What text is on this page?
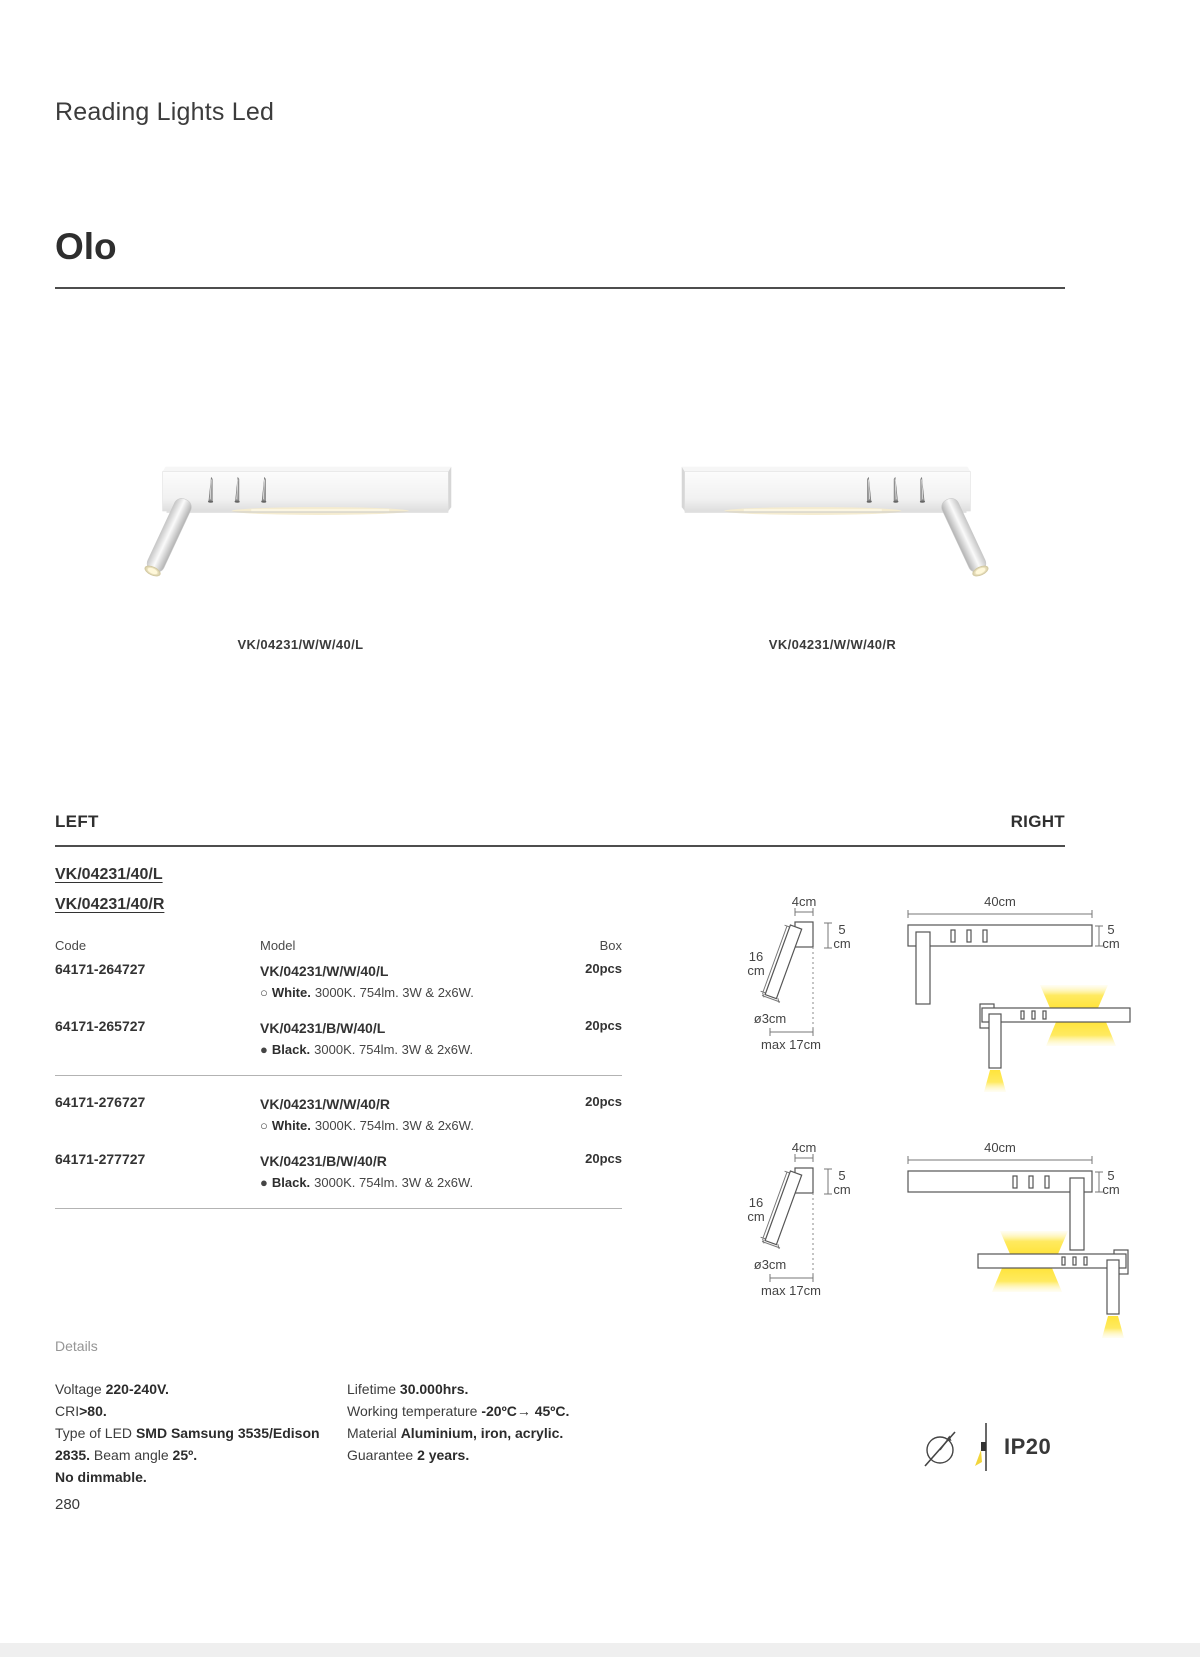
Reading Lights Led
Olo
VK/04231/W/W/40/L	VK/04231/W/W/40/R
LEFT	RIGHT
VK/04231/40/L
VK/04231/40/R
Code	Model	Box
64171-264727	VK/04231/W/W/40/L
○ White. 3000K. 754lm. 3W & 2x6W.
20pcs
64171-265727	VK/04231/B/W/40/L
● Black. 3000K. 754lm. 3W & 2x6W.
20pcs
64171-276727	VK/04231/W/W/40/R
○ White. 3000K. 754lm. 3W & 2x6W.
20pcs
64171-277727	VK/04231/B/W/40/R
● Black. 3000K. 754lm. 3W & 2x6W.
20pcs
4cm
16
cm
5
cm
ø3cm
max 17cm
40cm
5
cm
4cm
16
cm
5
cm
ø3cm
max 17cm
40cm
5
cm
Details
Voltage 220-240V.
CRI>80.
Type of LED SMD Samsung 3535/Edison 2835. Beam angle 25º.
No dimmable.
Lifetime 30.000hrs.
Working temperature -20ºC→ 45ºC.
Material Aluminium, iron, acrylic.
Guarantee 2 years.	IP20
280
